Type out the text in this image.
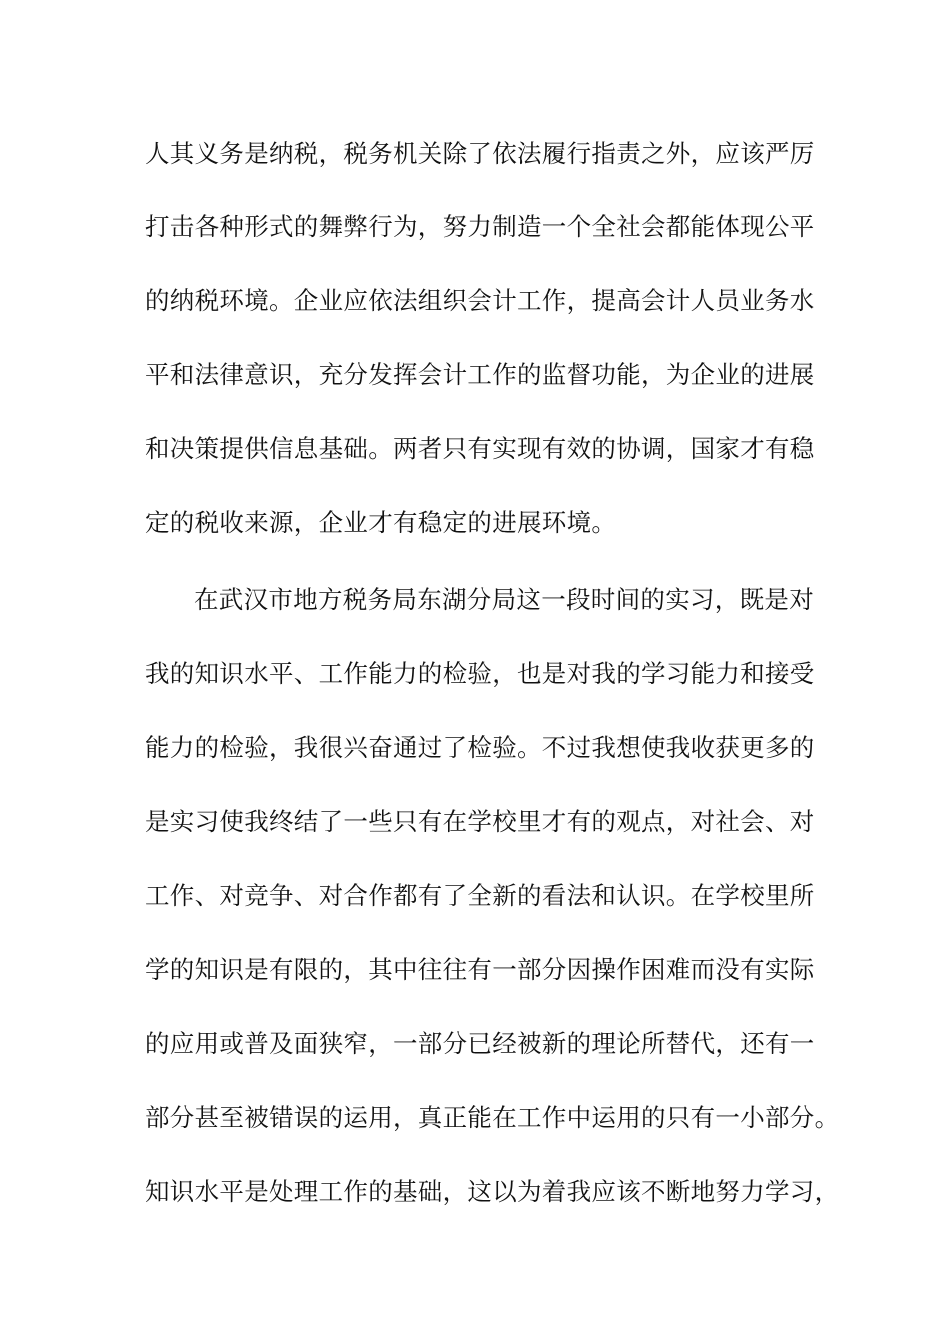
人其义务是纳税，税务机关除了依法履行指责之外，应该严厉

打击各种形式的舞弊行为，努力制造一个全社会都能体现公平

的纳税环境。企业应依法组织会计工作，提高会计人员业务水

平和法律意识，充分发挥会计工作的监督功能，为企业的进展

和决策提供信息基础。两者只有实现有效的协调，国家才有稳

定的税收来源，企业才有稳定的进展环境。

在武汉市地方税务局东湖分局这一段时间的实习，既是对

我的知识水平、工作能力的检验，也是对我的学习能力和接受

能力的检验，我很兴奋通过了检验。不过我想使我收获更多的

是实习使我终结了一些只有在学校里才有的观点，对社会、对

工作、对竞争、对合作都有了全新的看法和认识。在学校里所

学的知识是有限的，其中往往有一部分因操作困难而没有实际

的应用或普及面狭窄，一部分已经被新的理论所替代，还有一

部分甚至被错误的运用，真正能在工作中运用的只有一小部分。

知识水平是处理工作的基础，这以为着我应该不断地努力学习，
